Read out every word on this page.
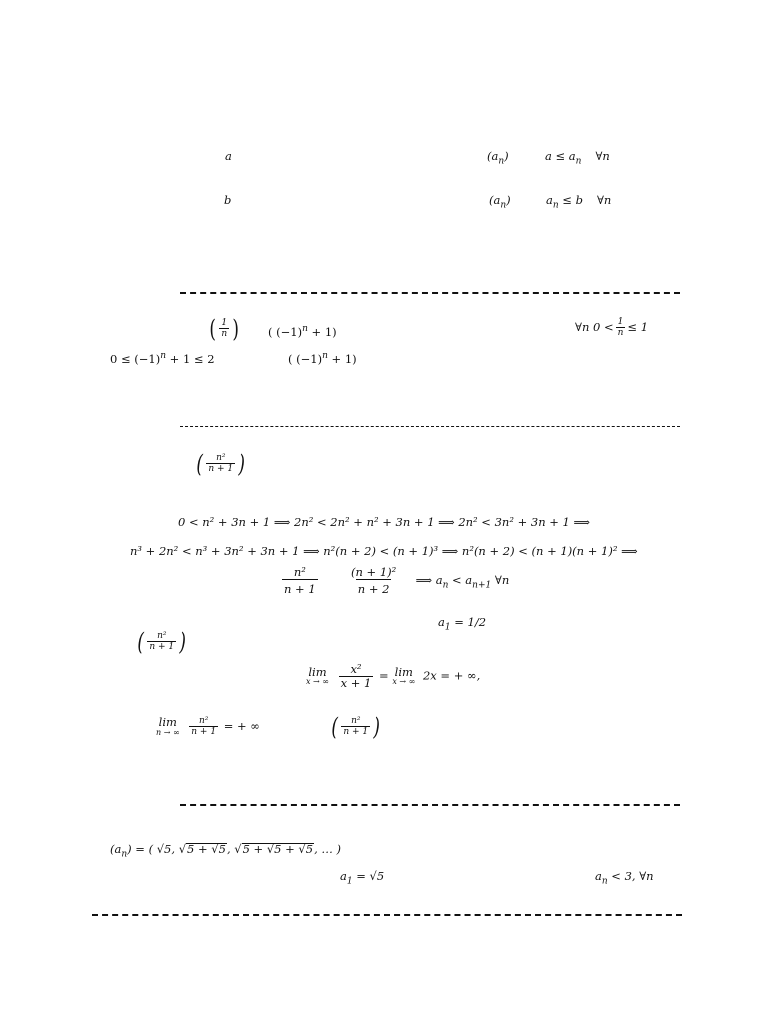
a	$(a_n)$	$a \le a_n$ ∀n
b	$(a_n)$	$a_n \le b$ ∀n
( $\frac{1}{n}$ )	( $(-1)^n + 1$)	∀n $0 < \frac{1}{n} \le 1$
$0 \le (-1)^n + 1 \le 2$	( $(-1)^n + 1$)
( $\frac{\text{n²}}{n + 1}$ )
0 < n² + 3n + 1 ⟹ 2n² < 2n² + n² + 3n + 1 ⟹ 2n² < 3n² + 3n + 1 ⟹
n³ + 2n² < n³ + 3n² + 3n + 1 ⟹ n²(n + 2) < (n + 1)³ ⟹ n²(n + 2) < (n + 1)(n + 1)² ⟹
$\frac{\text{n²}}{n + 1}$
	$\frac{\text{(n + 1)²}}{n + 2}$ ⟹ $a_n < a_{n+1}$ ∀n
$a_1 = 1/2$
( $\frac{\text{n²}}{n + 1}$ )
lim
x → ∞
$\frac{\text{x²}}{x + 1} = \lim$
x → ∞ 2x = + ∞,
lim
n → ∞
$\frac{\text{n²}}{n + 1}$ = + ∞	( $\frac{\text{n²}}{n + 1}$ )
$(a_n)$ = ( √5, √5 + √5, √5 + √5 + √5, … )
$a_1 = √5$	$a_n < 3$, ∀n
